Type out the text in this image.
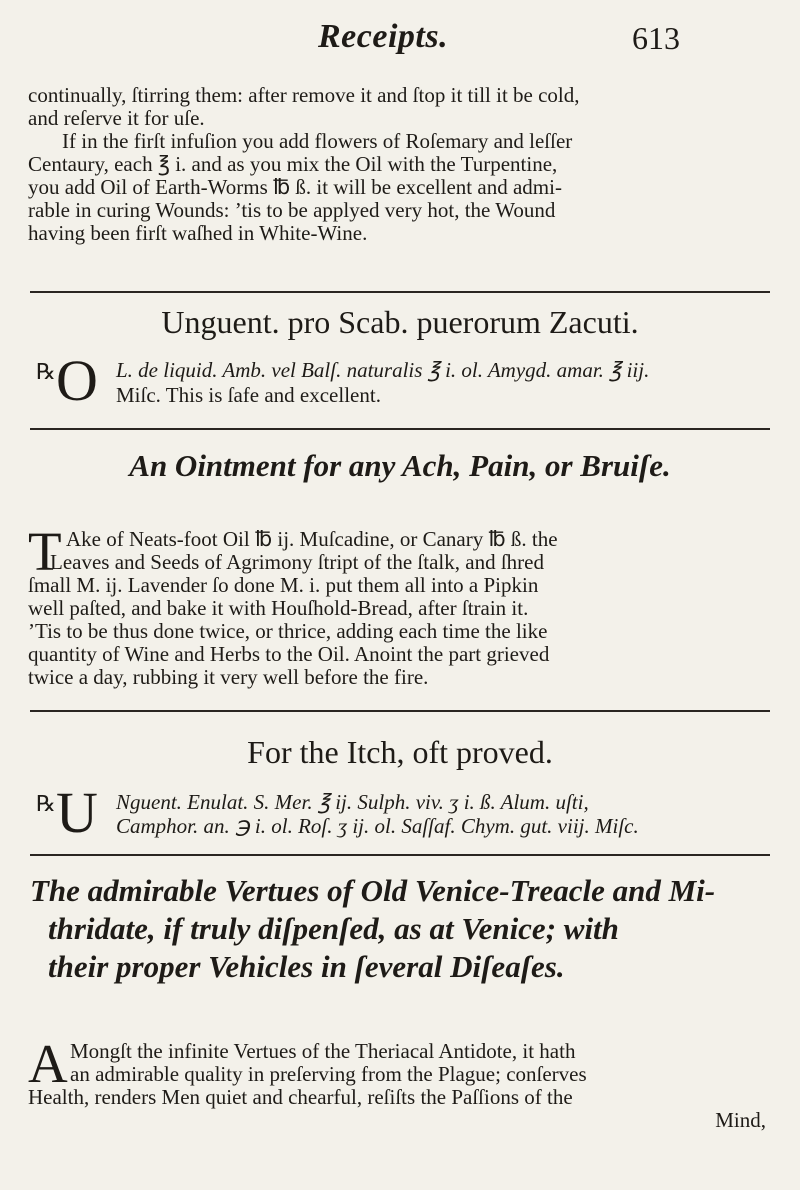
Receipts.	613
continually, ſtirring them: after remove it and ſtop it till it be cold,
and reſerve it for uſe.
If in the firſt infuſion you add flowers of Roſemary and leſſer
Centaury, each ℥ i. and as you mix the Oil with the Turpentine,
you add Oil of Earth-Worms ℔ ß. it will be excellent and admi-
rable in curing Wounds: ’tis to be applyed very hot, the Wound
having been firſt waſhed in White-Wine.
Unguent. pro Scab. puerorum Zacuti.
℞ O L. de liquid. Amb. vel Balſ. naturalis ℥ i. ol. Amygd. amar. ℥ iij.
Miſc. This is ſafe and excellent.
An Ointment for any Ach, Pain, or Bruiſe.
T Ake of Neats-foot Oil ℔ ij. Muſcadine, or Canary ℔ ß. the
Leaves and Seeds of Agrimony ſtript of the ſtalk, and ſhred
ſmall M. ij. Lavender ſo done M. i. put them all into a Pipkin
well paſted, and bake it with Houſhold-Bread, after ſtrain it.
’Tis to be thus done twice, or thrice, adding each time the like
quantity of Wine and Herbs to the Oil. Anoint the part grieved
twice a day, rubbing it very well before the fire.
For the Itch, oft proved.
℞ U Nguent. Enulat. S. Mer. ℥ ij. Sulph. viv. ʒ i. ß. Alum. uſti,
Camphor. an. ℈ i. ol. Roſ. ʒ ij. ol. Saſſaf. Chym. gut. viij. Miſc.
The admirable Vertues of Old Venice-Treacle and Mi-
thridate, if truly diſpenſed, as at Venice; with
their proper Vehicles in ſeveral Diſeaſes.
A Mongſt the infinite Vertues of the Theriacal Antidote, it hath
an admirable quality in preſerving from the Plague; conſerves
Health, renders Men quiet and chearful, reſiſts the Paſſions of the
Mind,
